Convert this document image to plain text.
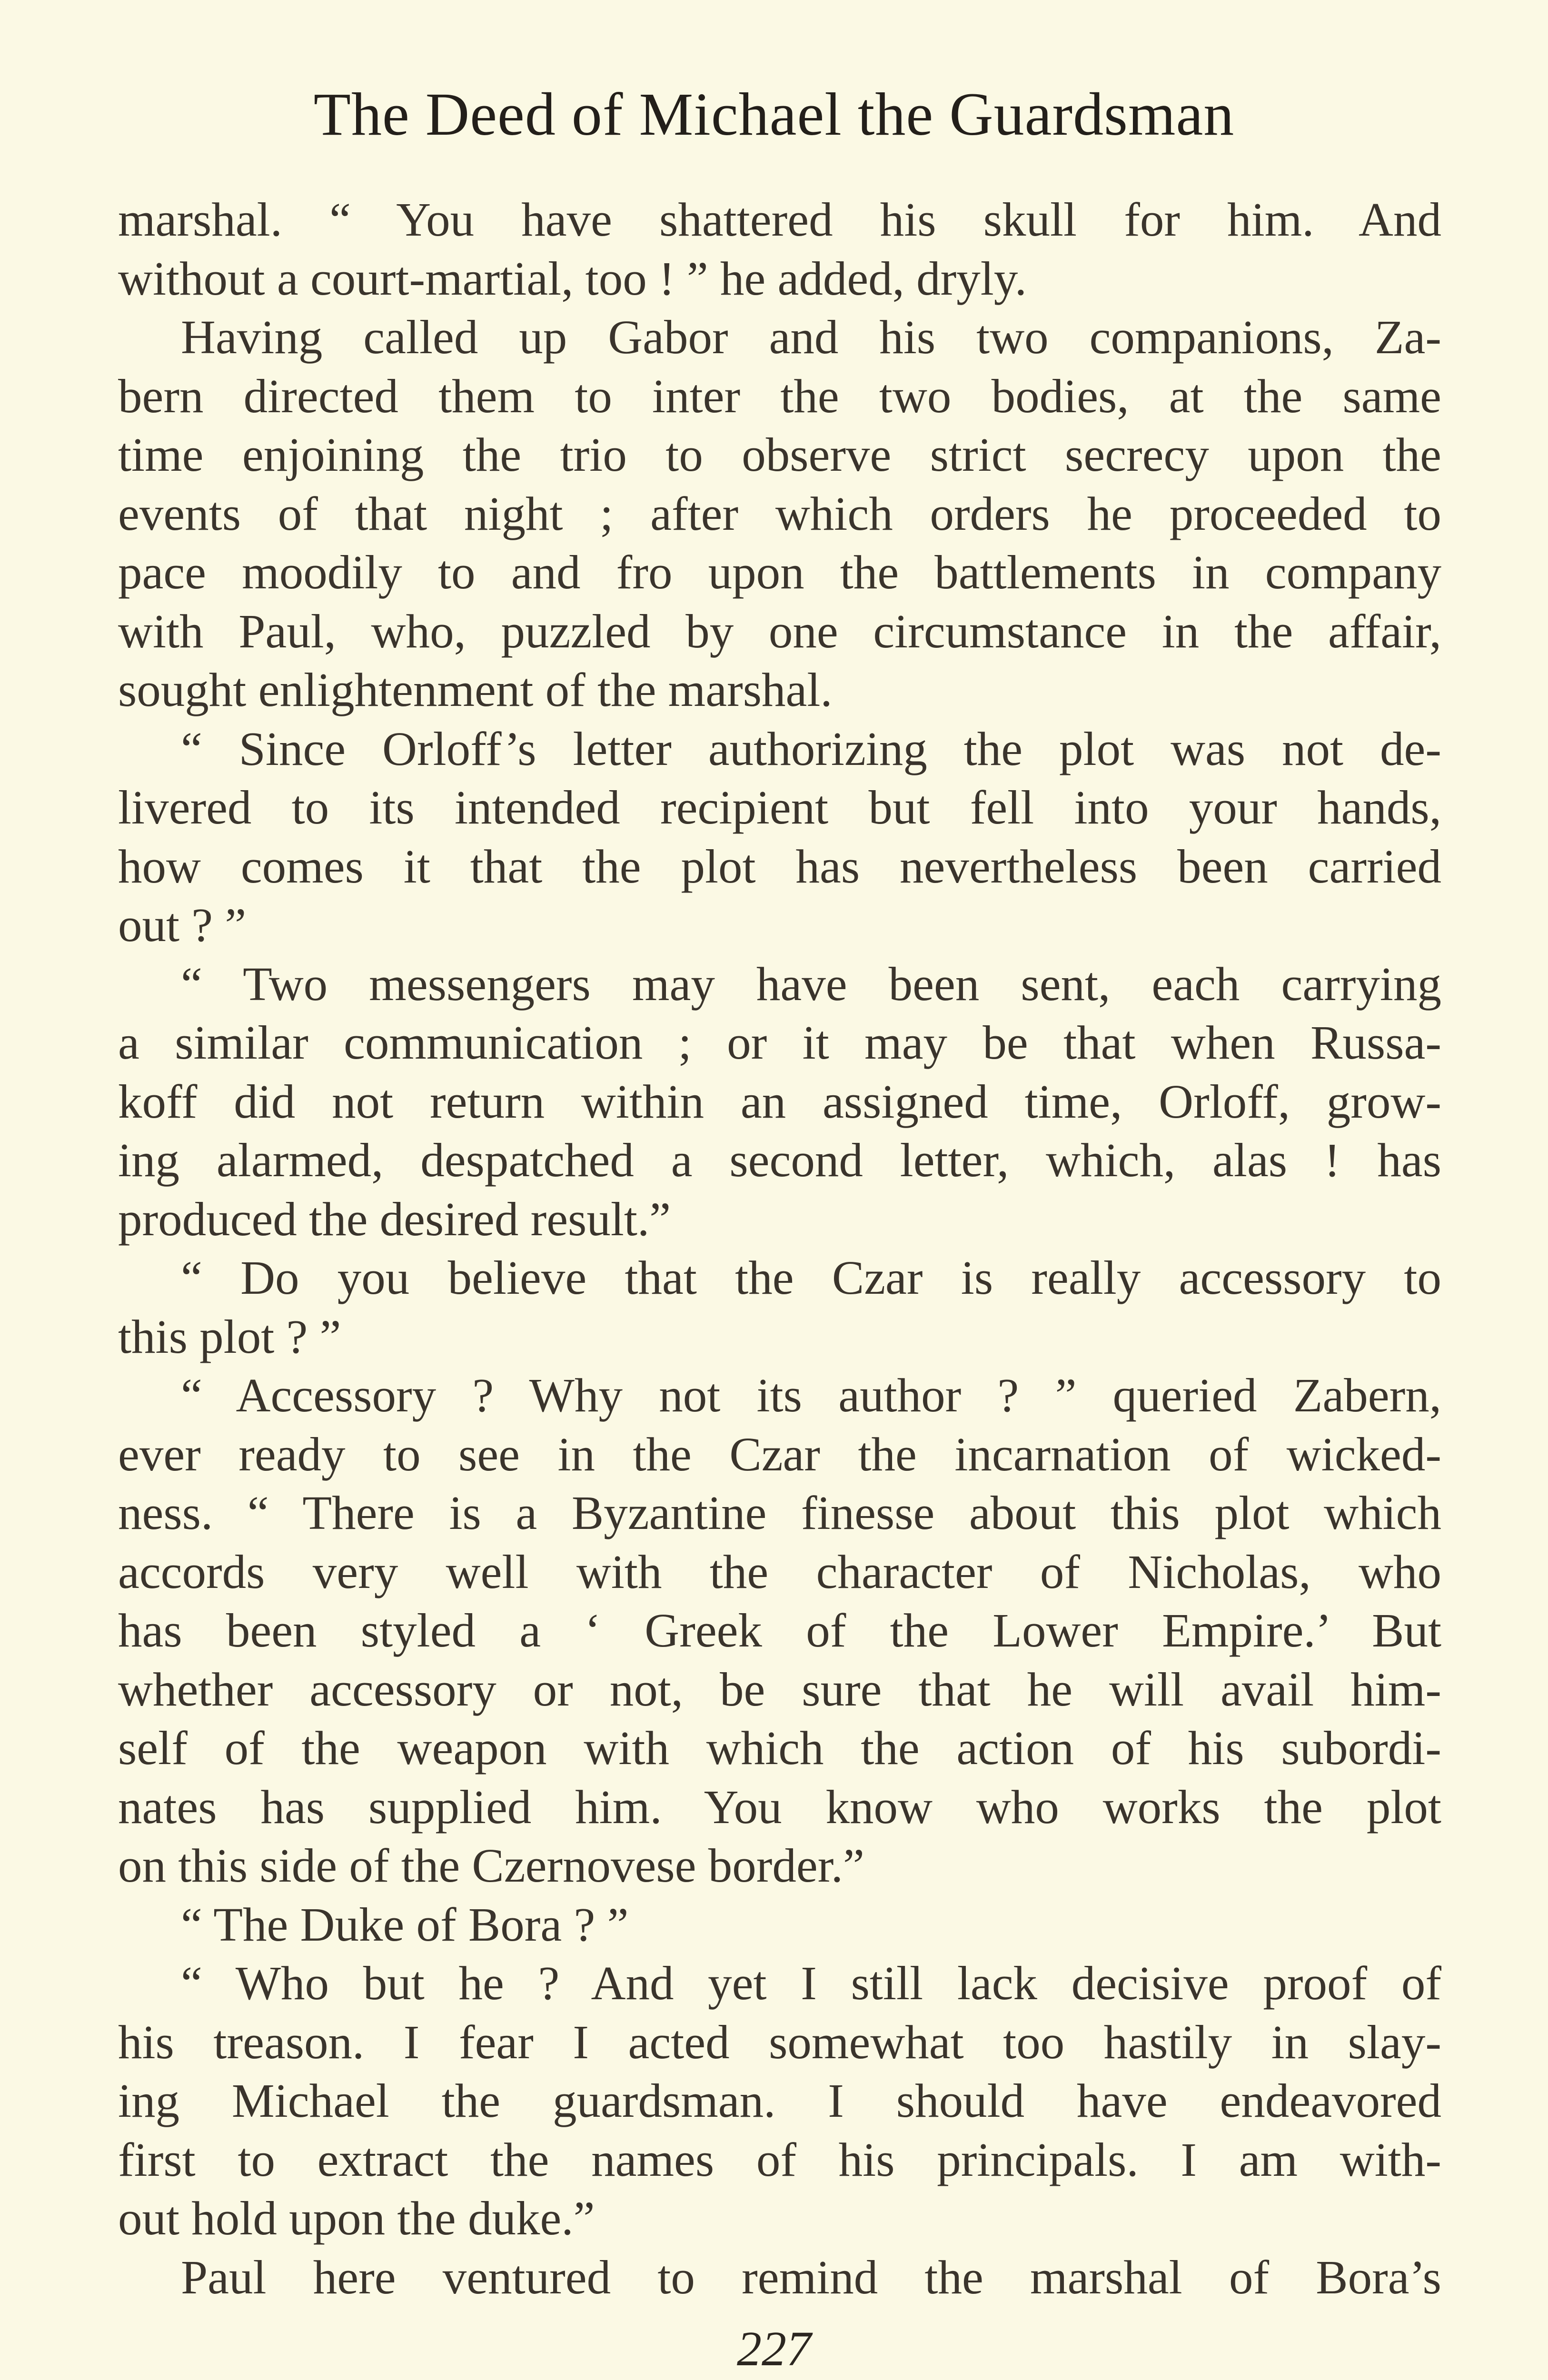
The Deed of Michael the Guardsman
marshal. “ You have shattered his skull for him. And
without a court-martial, too ! ” he added, dryly.
Having called up Gabor and his two companions, Za-
bern directed them to inter the two bodies, at the same
time enjoining the trio to observe strict secrecy upon the
events of that night ; after which orders he proceeded to
pace moodily to and fro upon the battlements in company
with Paul, who, puzzled by one circumstance in the affair,
sought enlightenment of the marshal.
“ Since Orloff’s letter authorizing the plot was not de-
livered to its intended recipient but fell into your hands,
how comes it that the plot has nevertheless been carried
out ? ”
“ Two messengers may have been sent, each carrying
a similar communication ; or it may be that when Russa-
koff did not return within an assigned time, Orloff, grow-
ing alarmed, despatched a second letter, which, alas ! has
produced the desired result.”
“ Do you believe that the Czar is really accessory to
this plot ? ”
“ Accessory ? Why not its author ? ” queried Zabern,
ever ready to see in the Czar the incarnation of wicked-
ness. “ There is a Byzantine finesse about this plot which
accords very well with the character of Nicholas, who
has been styled a ‘ Greek of the Lower Empire.’ But
whether accessory or not, be sure that he will avail him-
self of the weapon with which the action of his subordi-
nates has supplied him. You know who works the plot
on this side of the Czernovese border.”
“ The Duke of Bora ? ”
“ Who but he ? And yet I still lack decisive proof of
his treason. I fear I acted somewhat too hastily in slay-
ing Michael the guardsman. I should have endeavored
first to extract the names of his principals. I am with-
out hold upon the duke.”
Paul here ventured to remind the marshal of Bora’s
227
